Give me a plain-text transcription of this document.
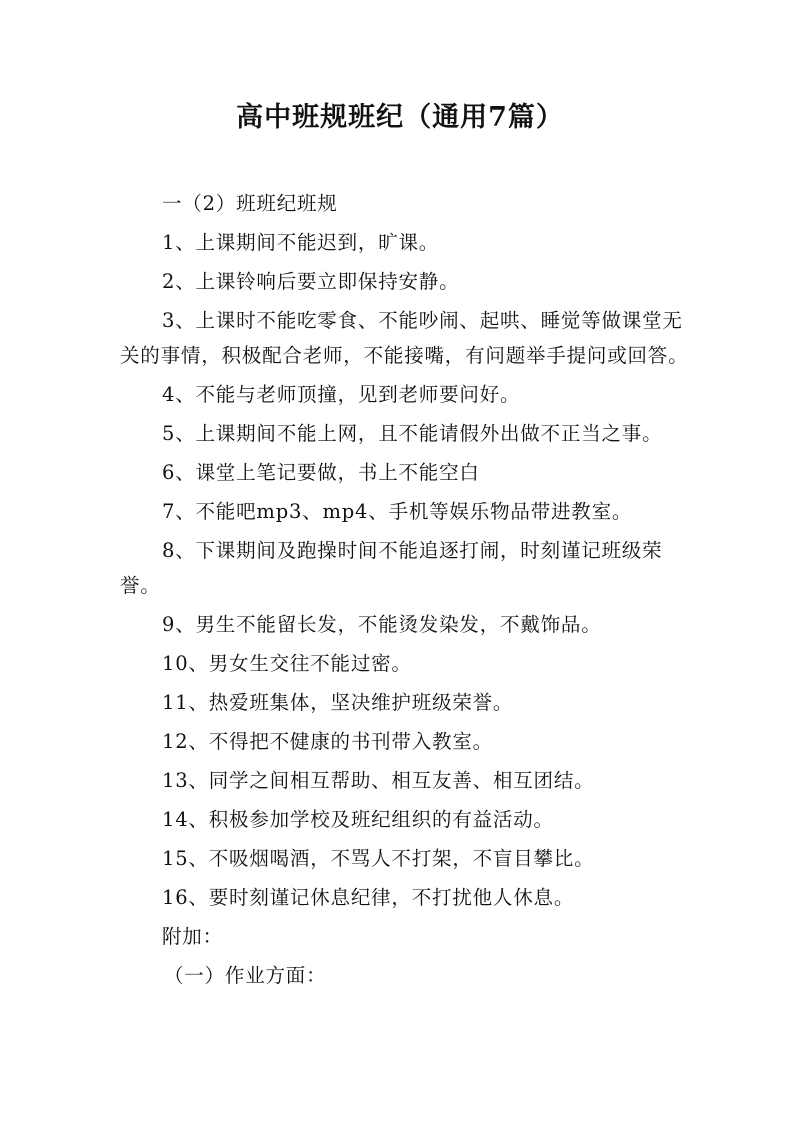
高中班规班纪（通用7篇）

一（2）班班纪班规

1、上课期间不能迟到，旷课。

2、上课铃响后要立即保持安静。

3、上课时不能吃零食、不能吵闹、起哄、睡觉等做课堂无关的事情，积极配合老师，不能接嘴，有问题举手提问或回答。

4、不能与老师顶撞，见到老师要问好。

5、上课期间不能上网，且不能请假外出做不正当之事。

6、课堂上笔记要做，书上不能空白

7、不能吧mp3、mp4、手机等娱乐物品带进教室。

8、下课期间及跑操时间不能追逐打闹，时刻谨记班级荣誉。

9、男生不能留长发，不能烫发染发，不戴饰品。

10、男女生交往不能过密。

11、热爱班集体，坚决维护班级荣誉。

12、不得把不健康的书刊带入教室。

13、同学之间相互帮助、相互友善、相互团结。

14、积极参加学校及班纪组织的有益活动。

15、不吸烟喝酒，不骂人不打架，不盲目攀比。

16、要时刻谨记休息纪律，不打扰他人休息。

附加：

（一）作业方面：
